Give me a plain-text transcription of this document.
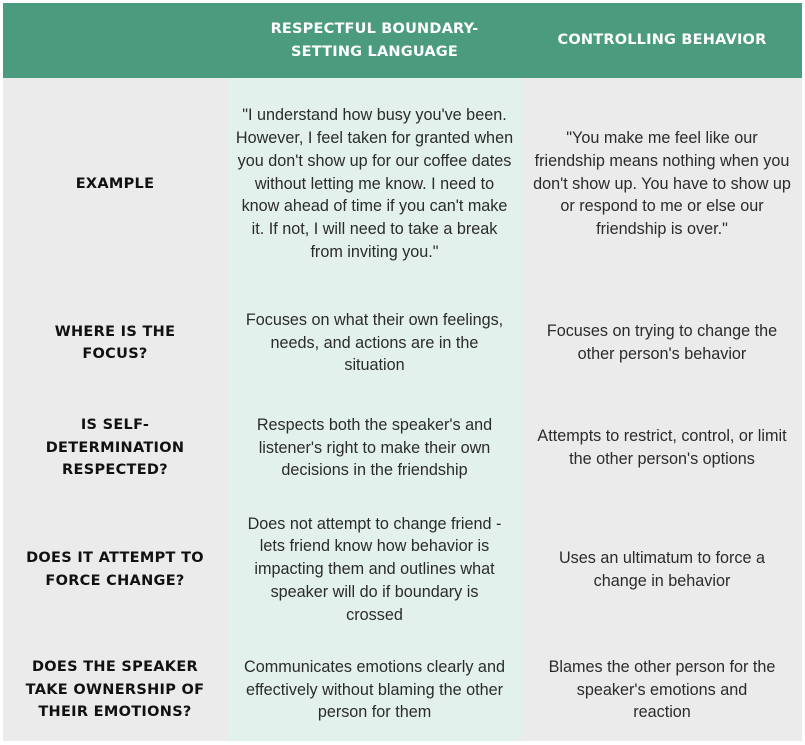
RESPECTFUL BOUNDARY-
SETTING LANGUAGE
CONTROLLING BEHAVIOR
EXAMPLE
"I understand how busy you've been. However, I feel taken for granted when you don't show up for our coffee dates without letting me know. I need to know ahead of time if you can't make it. If not, I will need to take a break from inviting you."
"You make me feel like our friendship means nothing when you don't show up. You have to show up or respond to me or else our friendship is over."
WHERE IS THE FOCUS?
Focuses on what their own feelings, needs, and actions are in the situation
Focuses on trying to change the other person's behavior
IS SELF-DETERMINATION RESPECTED?
Respects both the speaker's and listener's right to make their own decisions in the friendship
Attempts to restrict, control, or limit the other person's options
DOES IT ATTEMPT TO FORCE CHANGE?
Does not attempt to change friend - lets friend know how behavior is impacting them and outlines what speaker will do if boundary is crossed
Uses an ultimatum to force a change in behavior
DOES THE SPEAKER TAKE OWNERSHIP OF THEIR EMOTIONS?
Communicates emotions clearly and effectively without blaming the other person for them
Blames the other person for the speaker's emotions and reaction
